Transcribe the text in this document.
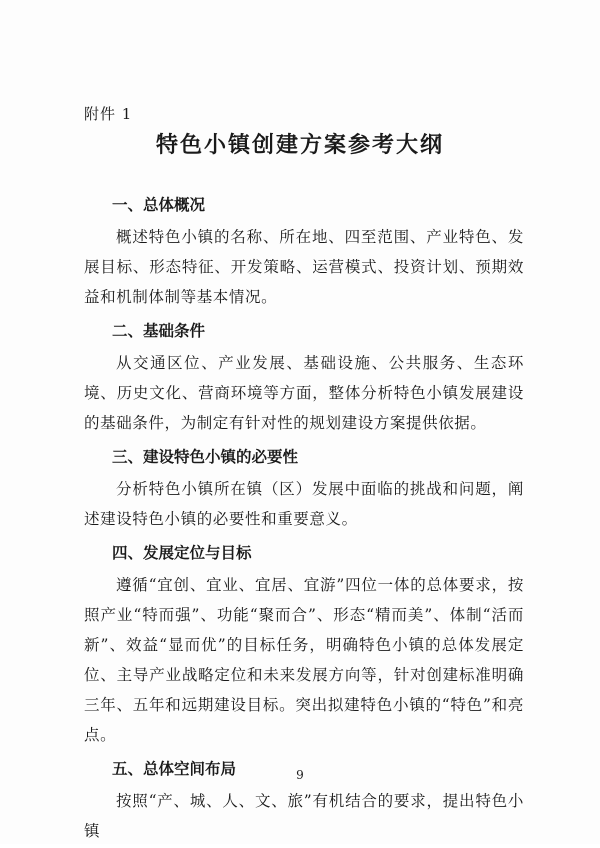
附件 1
特色小镇创建方案参考大纲
一、总体概况

概述特色小镇的名称、所在地、四至范围、产业特色、发展目标、形态特征、开发策略、运营模式、投资计划、预期效益和机制体制等基本情况。

二、基础条件

从交通区位、产业发展、基础设施、公共服务、生态环境、历史文化、营商环境等方面，整体分析特色小镇发展建设的基础条件，为制定有针对性的规划建设方案提供依据。

三、建设特色小镇的必要性

分析特色小镇所在镇（区）发展中面临的挑战和问题，阐述建设特色小镇的必要性和重要意义。

四、发展定位与目标

遵循“宜创、宜业、宜居、宜游”四位一体的总体要求，按照产业“特而强”、功能“聚而合”、形态“精而美”、体制“活而新”、效益“显而优”的目标任务，明确特色小镇的总体发展定位、主导产业战略定位和未来发展方向等，针对创建标准明确三年、五年和远期建设目标。突出拟建特色小镇的“特色”和亮点。

五、总体空间布局

按照“产、城、人、文、旅”有机结合的要求，提出特色小镇

9
